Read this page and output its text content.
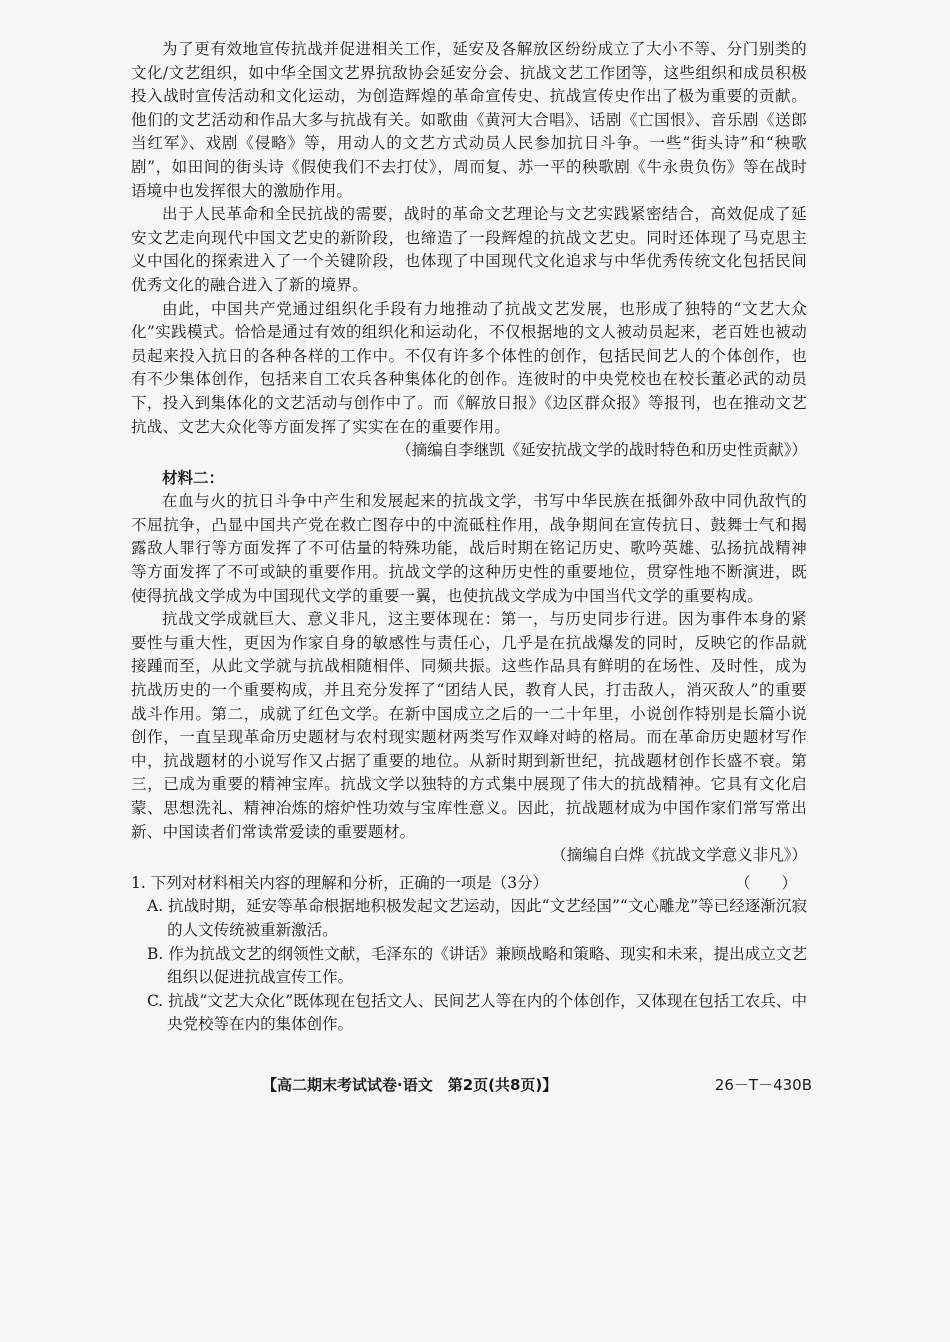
为了更有效地宣传抗战并促进相关工作，延安及各解放区纷纷成立了大小不等、分门别类的文化/文艺组织，如中华全国文艺界抗敌协会延安分会、抗战文艺工作团等，这些组织和成员积极投入战时宣传活动和文化运动，为创造辉煌的革命宣传史、抗战宣传史作出了极为重要的贡献。他们的文艺活动和作品大多与抗战有关。如歌曲《黄河大合唱》、话剧《亡国恨》、音乐剧《送郎当红军》、戏剧《侵略》等，用动人的文艺方式动员人民参加抗日斗争。一些“街头诗”和“秧歌剧”，如田间的街头诗《假使我们不去打仗》，周而复、苏一平的秧歌剧《牛永贵负伤》等在战时语境中也发挥很大的激励作用。

出于人民革命和全民抗战的需要，战时的革命文艺理论与文艺实践紧密结合，高效促成了延安文艺走向现代中国文艺史的新阶段，也缔造了一段辉煌的抗战文艺史。同时还体现了马克思主义中国化的探索进入了一个关键阶段，也体现了中国现代文化追求与中华优秀传统文化包括民间优秀文化的融合进入了新的境界。

由此，中国共产党通过组织化手段有力地推动了抗战文艺发展，也形成了独特的“文艺大众化”实践模式。恰恰是通过有效的组织化和运动化，不仅根据地的文人被动员起来，老百姓也被动员起来投入抗日的各种各样的工作中。不仅有许多个体性的创作，包括民间艺人的个体创作，也有不少集体创作，包括来自工农兵各种集体化的创作。连彼时的中央党校也在校长董必武的动员下，投入到集体化的文艺活动与创作中了。而《解放日报》《边区群众报》等报刊，也在推动文艺抗战、文艺大众化等方面发挥了实实在在的重要作用。

（摘编自李继凯《延安抗战文学的战时特色和历史性贡献》）

材料二：

在血与火的抗日斗争中产生和发展起来的抗战文学，书写中华民族在抵御外敌中同仇敌忾的不屈抗争，凸显中国共产党在救亡图存中的中流砥柱作用，战争期间在宣传抗日、鼓舞士气和揭露敌人罪行等方面发挥了不可估量的特殊功能，战后时期在铭记历史、歌吟英雄、弘扬抗战精神等方面发挥了不可或缺的重要作用。抗战文学的这种历史性的重要地位，贯穿性地不断演进，既使得抗战文学成为中国现代文学的重要一翼，也使抗战文学成为中国当代文学的重要构成。

抗战文学成就巨大、意义非凡，这主要体现在：第一，与历史同步行进。因为事件本身的紧要性与重大性，更因为作家自身的敏感性与责任心，几乎是在抗战爆发的同时，反映它的作品就接踵而至，从此文学就与抗战相随相伴、同频共振。这些作品具有鲜明的在场性、及时性，成为抗战历史的一个重要构成，并且充分发挥了“团结人民，教育人民，打击敌人，消灭敌人”的重要战斗作用。第二，成就了红色文学。在新中国成立之后的一二十年里，小说创作特别是长篇小说创作，一直呈现革命历史题材与农村现实题材两类写作双峰对峙的格局。而在革命历史题材写作中，抗战题材的小说写作又占据了重要的地位。从新时期到新世纪，抗战题材创作长盛不衰。第三，已成为重要的精神宝库。抗战文学以独特的方式集中展现了伟大的抗战精神。它具有文化启蒙、思想洗礼、精神冶炼的熔炉性功效与宝库性意义。因此，抗战题材成为中国作家们常写常出新、中国读者们常读常爱读的重要题材。

（摘编自白烨《抗战文学意义非凡》）

1. 下列对材料相关内容的理解和分析，正确的一项是（3分）	（　　）

A. 抗战时期，延安等革命根据地积极发起文艺运动，因此“文艺经国”“文心雕龙”等已经逐渐沉寂的人文传统被重新激活。

B. 作为抗战文艺的纲领性文献，毛泽东的《讲话》兼顾战略和策略、现实和未来，提出成立文艺组织以促进抗战宣传工作。

C. 抗战“文艺大众化”既体现在包括文人、民间艺人等在内的个体创作，又体现在包括工农兵、中央党校等在内的集体创作。

【高二期末考试试卷·语文　第2页(共8页)】	26－T－430B
